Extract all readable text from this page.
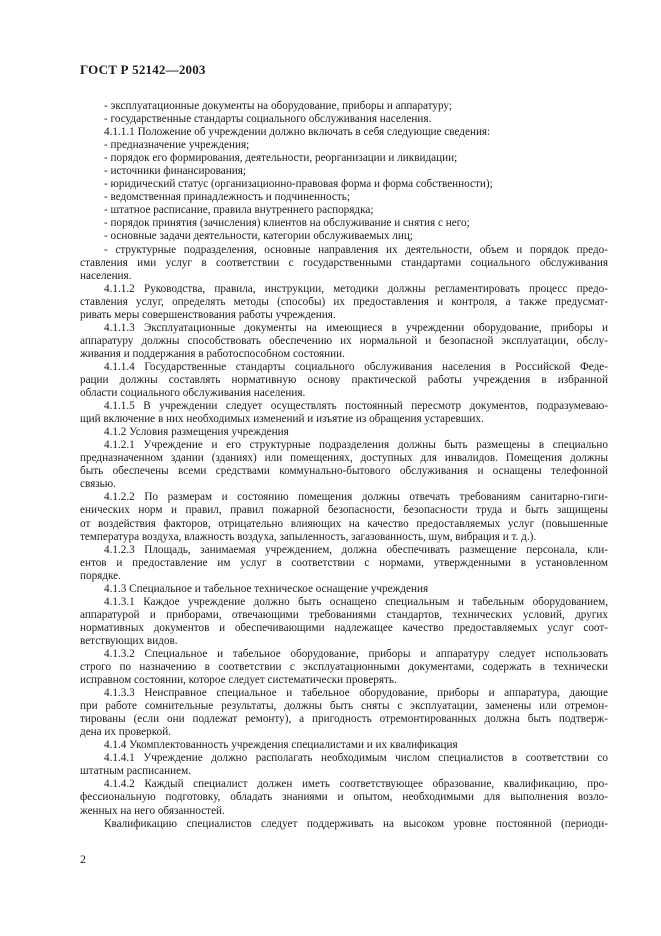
ГОСТ Р 52142—2003
- эксплуатационные документы на оборудование, приборы и аппаратуру;
- государственные стандарты социального обслуживания населения.
4.1.1.1 Положение об учреждении должно включать в себя следующие сведения:
- предназначение учреждения;
- порядок его формирования, деятельности, реорганизации и ликвидации;
- источники финансирования;
- юридический статус (организационно-правовая форма и форма собственности);
- ведомственная принадлежность и подчиненность;
- штатное расписание, правила внутреннего распорядка;
- порядок принятия (зачисления) клиентов на обслуживание и снятия с него;
- основные задачи деятельности, категории обслуживаемых лиц;
- структурные подразделения, основные направления их деятельности, объем и порядок предо-
ставления ими услуг в соответствии с государственными стандартами социального обслуживания
населения.
4.1.1.2 Руководства, правила, инструкции, методики должны регламентировать процесс предо-
ставления услуг, определять методы (способы) их предоставления и контроля, а также предусмат-
ривать меры совершенствования работы учреждения.
4.1.1.3 Эксплуатационные документы на имеющиеся в учреждении оборудование, приборы и
аппаратуру должны способствовать обеспечению их нормальной и безопасной эксплуатации, обслу-
живания и поддержания в работоспособном состоянии.
4.1.1.4 Государственные стандарты социального обслуживания населения в Российской Феде-
рации должны составлять нормативную основу практической работы учреждения в избранной
области социального обслуживания населения.
4.1.1.5 В учреждении следует осуществлять постоянный пересмотр документов, подразумеваю-
щий включение в них необходимых изменений и изъятие из обращения устаревших.
4.1.2 Условия размещения учреждения
4.1.2.1 Учреждение и его структурные подразделения должны быть размещены в специально
предназначенном здании (зданиях) или помещениях, доступных для инвалидов. Помещения должны
быть обеспечены всеми средствами коммунально-бытового обслуживания и оснащены телефонной
связью.
4.1.2.2 По размерам и состоянию помещения должны отвечать требованиям санитарно-гиги-
енических норм и правил, правил пожарной безопасности, безопасности труда и быть защищены
от воздействия факторов, отрицательно влияющих на качество предоставляемых услуг (повышенные
температура воздуха, влажность воздуха, запыленность, загазованность, шум, вибрация и т. д.).
4.1.2.3 Площадь, занимаемая учреждением, должна обеспечивать размещение персонала, кли-
ентов и предоставление им услуг в соответствии с нормами, утвержденными в установленном
порядке.
4.1.3 Специальное и табельное техническое оснащение учреждения
4.1.3.1 Каждое учреждение должно быть оснащено специальным и табельным оборудованием,
аппаратурой и приборами, отвечающими требованиями стандартов, технических условий, других
нормативных документов и обеспечивающими надлежащее качество предоставляемых услуг соот-
ветствующих видов.
4.1.3.2 Специальное и табельное оборудование, приборы и аппаратуру следует использовать
строго по назначению в соответствии с эксплуатационными документами, содержать в технически
исправном состоянии, которое следует систематически проверять.
4.1.3.3 Неисправное специальное и табельное оборудование, приборы и аппаратура, дающие
при работе сомнительные результаты, должны быть сняты с эксплуатации, заменены или отремон-
тированы (если они подлежат ремонту), а пригодность отремонтированных должна быть подтверж-
дена их проверкой.
4.1.4 Укомплектованность учреждения специалистами и их квалификация
4.1.4.1 Учреждение должно располагать необходимым числом специалистов в соответствии со
штатным расписанием.
4.1.4.2 Каждый специалист должен иметь соответствующее образование, квалификацию, про-
фессиональную подготовку, обладать знаниями и опытом, необходимыми для выполнения возло-
женных на него обязанностей.
Квалификацию специалистов следует поддерживать на высоком уровне постоянной (периоди-
2
